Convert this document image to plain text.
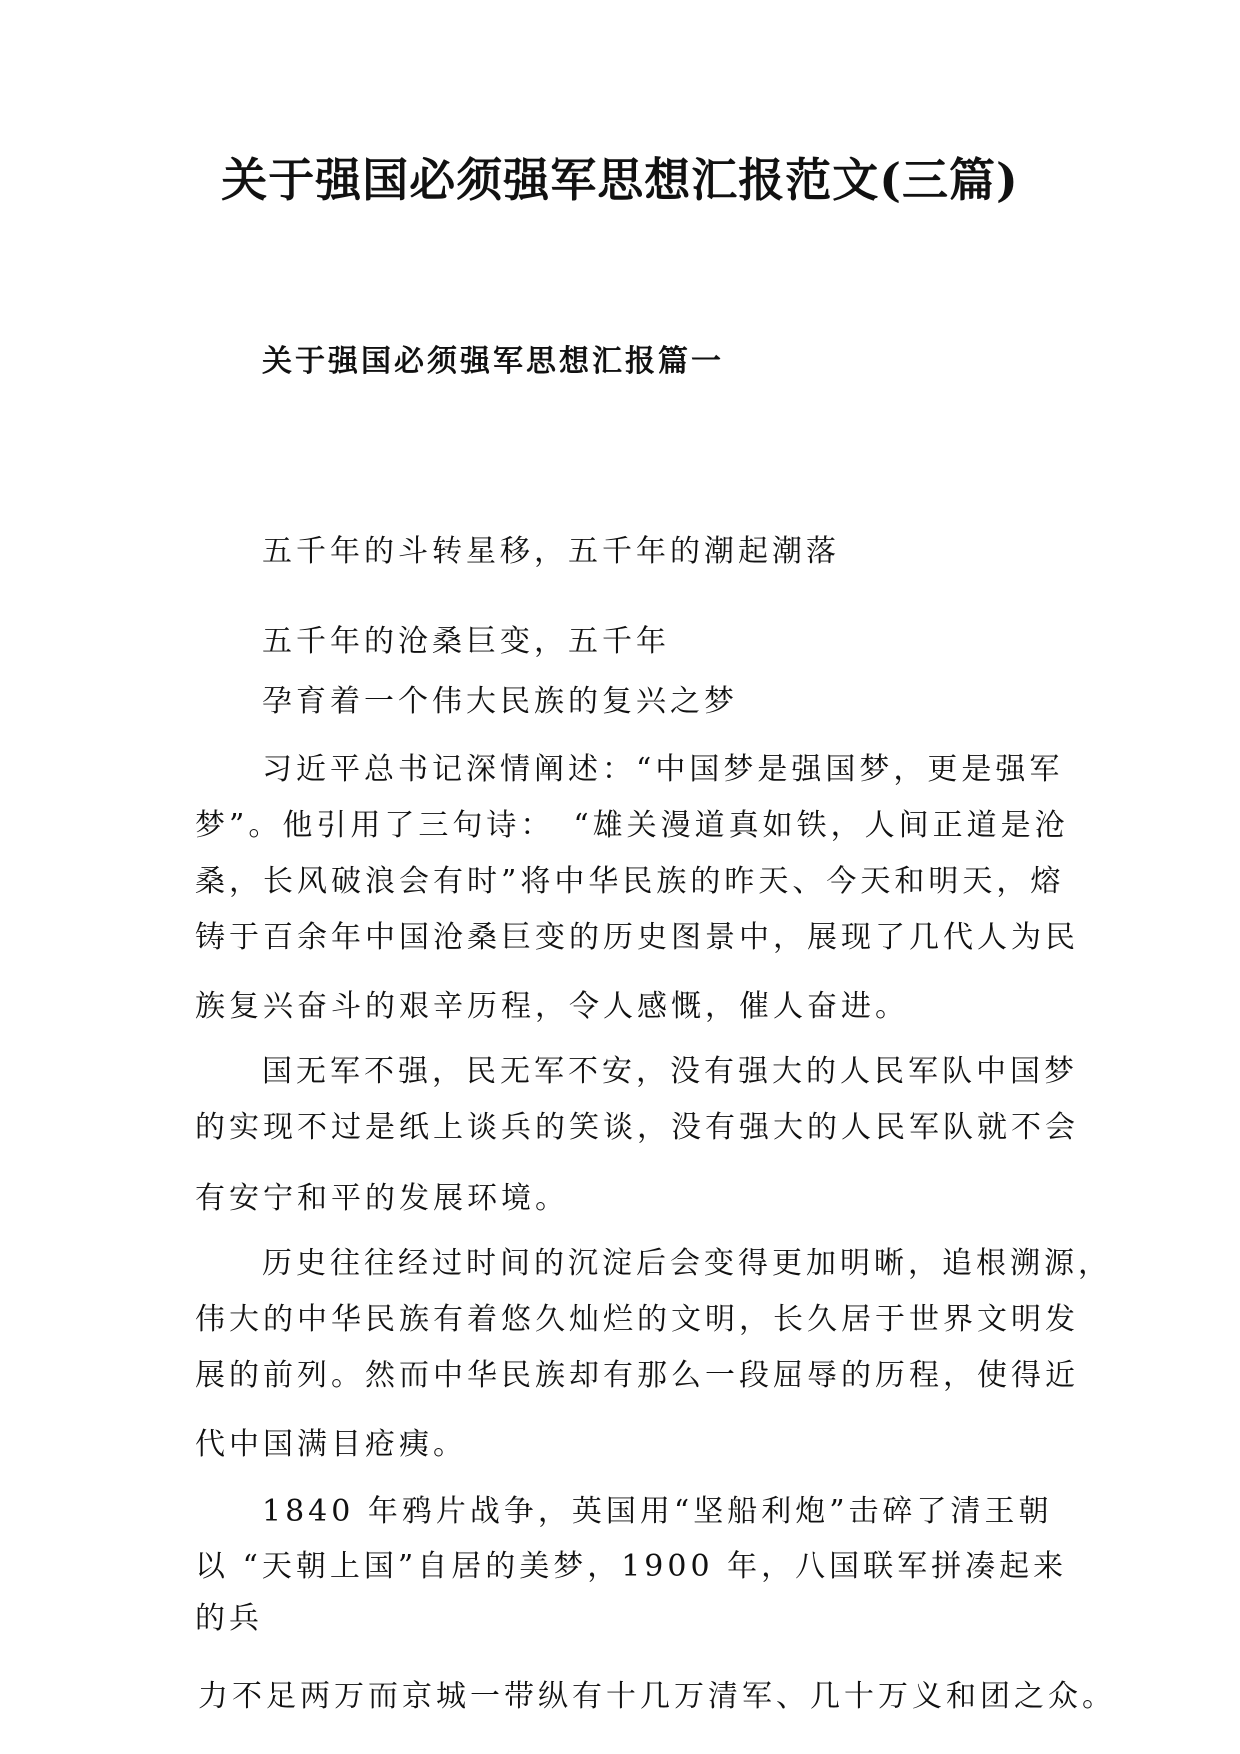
关于强国必须强军思想汇报范文(三篇)
关于强国必须强军思想汇报篇一

五千年的斗转星移，五千年的潮起潮落

五千年的沧桑巨变，五千年

孕育着一个伟大民族的复兴之梦

习近平总书记深情阐述：“中国梦是强国梦，更是强军

梦”。他引用了三句诗：　“雄关漫道真如铁，人间正道是沧

桑，长风破浪会有时”将中华民族的昨天、今天和明天，熔

铸于百余年中国沧桑巨变的历史图景中，展现了几代人为民

族复兴奋斗的艰辛历程，令人感慨，催人奋进。

国无军不强，民无军不安，没有强大的人民军队中国梦

的实现不过是纸上谈兵的笑谈，没有强大的人民军队就不会

有安宁和平的发展环境。

历史往往经过时间的沉淀后会变得更加明晰，追根溯源，

伟大的中华民族有着悠久灿烂的文明，长久居于世界文明发

展的前列。然而中华民族却有那么一段屈辱的历程，使得近

代中国满目疮痍。

1840 年鸦片战争，英国用“坚船利炮”击碎了清王朝

以 “天朝上国”自居的美梦，1900 年，八国联军拼凑起来

的兵

力不足两万而京城一带纵有十几万清军、几十万义和团之众。
